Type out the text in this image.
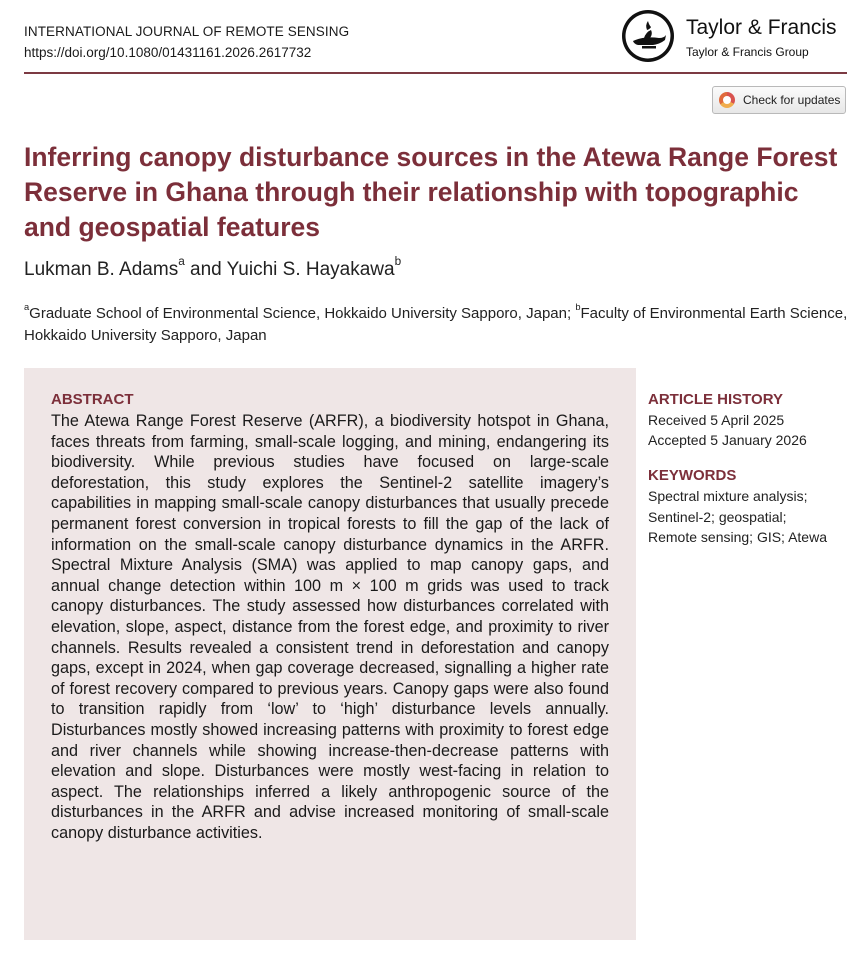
INTERNATIONAL JOURNAL OF REMOTE SENSING
https://doi.org/10.1080/01431161.2026.2617732
Taylor & Francis
Taylor & Francis Group
Check for updates
Inferring canopy disturbance sources in the Atewa Range Forest Reserve in Ghana through their relationship with topographic and geospatial features
Lukman B. Adams$^a$ and Yuichi S. Hayakawa$^b$
$^a$Graduate School of Environmental Science, Hokkaido University Sapporo, Japan; $^b$Faculty of Environmental Earth Science, Hokkaido University Sapporo, Japan
ABSTRACT

The Atewa Range Forest Reserve (ARFR), a biodiversity hotspot in Ghana, faces threats from farming, small-scale logging, and mining, endangering its biodiversity. While previous studies have focused on large-scale deforestation, this study explores the Sentinel-2 satellite imagery’s capabilities in mapping small-scale canopy disturbances that usually precede permanent forest conversion in tropical forests to fill the gap of the lack of information on the small-scale canopy disturbance dynamics in the ARFR. Spectral Mixture Analysis (SMA) was applied to map canopy gaps, and annual change detection within 100 m × 100 m grids was used to track canopy disturbances. The study assessed how disturbances correlated with elevation, slope, aspect, distance from the forest edge, and proximity to river channels. Results revealed a consistent trend in deforestation and canopy gaps, except in 2024, when gap coverage decreased, signalling a higher rate of forest recovery compared to previous years. Canopy gaps were also found to transition rapidly from ‘low’ to ‘high’ disturbance levels annually. Disturbances mostly showed increasing patterns with proximity to forest edge and river channels while showing increase-then-decrease patterns with elevation and slope. Disturbances were mostly west-facing in relation to aspect. The relationships inferred a likely anthropogenic source of the disturbances in the ARFR and advise increased monitoring of small-scale canopy disturbance activities.

ARTICLE HISTORY
Received 5 April 2025
Accepted 5 January 2026
KEYWORDS
Spectral mixture analysis;
Sentinel-2; geospatial;
Remote sensing; GIS; Atewa
